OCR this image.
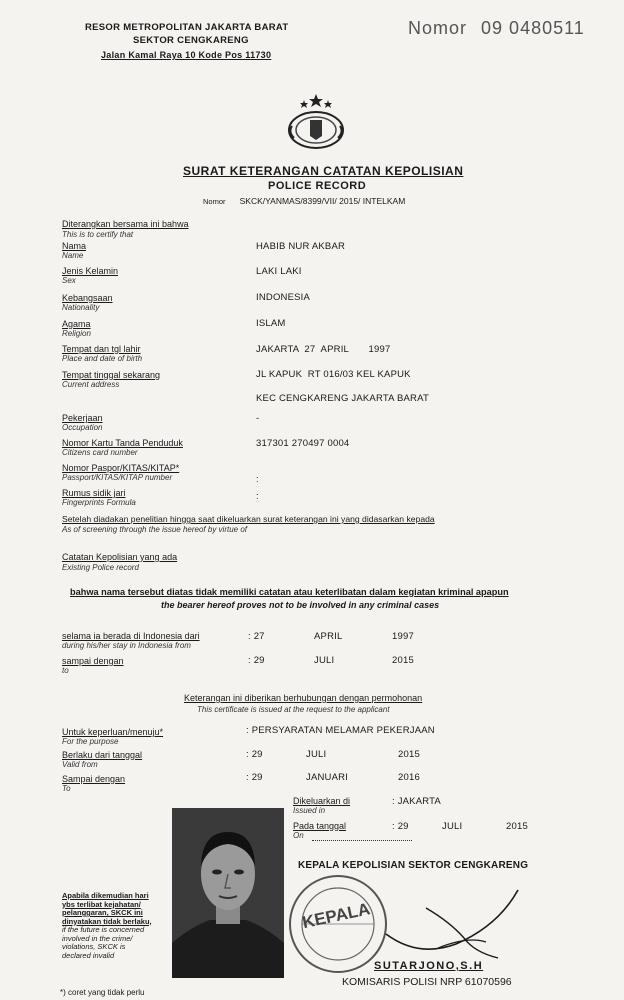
RESOR METROPOLITAN JAKARTA BARAT
SEKTOR CENGKARENG
Jalan Kamal Raya 10 Kode Pos 11730
Nomor 09 0480511
SURAT KETERANGAN CATATAN KEPOLISIAN
POLICE RECORD
Nomor SKCK/YANMAS/8399/VII/ 2015/ INTELKAM
Diterangkan bersama ini bahwa
This is to certify that
Nama
Name
HABIB NUR AKBAR
Jenis Kelamin
Sex
LAKI LAKI
Kebangsaan
Nationality
INDONESIA
Agama
Religion
ISLAM
Tempat dan tgl lahir
Place and date of birth
JAKARTA  27  APRIL       1997
Tempat tinggal sekarang
Current address
JL KAPUK  RT 016/03 KEL KAPUK
KEC CENGKARENG JAKARTA BARAT
Pekerjaan
Occupation
-
Nomor Kartu Tanda Penduduk
Citizens card number
317301 270497 0004
Nomor Paspor/KITAS/KITAP*
Passport/KITAS/KITAP number	:
Rumus sidik jari
Fingerprints Formula
:
Setelah diadakan penelitian hingga saat dikeluarkan surat keterangan ini yang didasarkan kepada
As of screening through the issue hereof by virtue of
Catatan Kepolisian yang ada
Existing Police record
bahwa nama tersebut diatas tidak memiliki catatan atau keterlibatan dalam kegiatan kriminal apapun
the bearer hereof proves not to be involved in any criminal cases
selama ia berada di Indonesia dari
during his/her stay in Indonesia from
: 27	APRIL	1997
sampai dengan
to
: 29	JULI	2015
Keterangan ini diberikan berhubungan dengan permohonan
This certificate is issued at the request to the applicant
Untuk keperluan/menuju*
For the purpose
: PERSYARATAN MELAMAR PEKERJAAN
Berlaku dari tanggal
Valid from
: 29	JULI	2015
Sampai dengan
To
: 29	JANUARI	2016
Dikeluarkan di
Issued in
: JAKARTA
Pada tanggal
On
: 29	JULI	2015
Apabila dikemudian hari
ybs terlibat kejahatan/
pelanggaran, SKCK ini
dinyatakan tidak berlaku,
if the future is concerned
involved in the crime/
violations, SKCK is
declared invalid
*) coret yang tidak perlu
KEPALA
KEPALA KEPOLISIAN SEKTOR CENGKARENG
SUTARJONO,S.H
KOMISARIS POLISI NRP 61070596
